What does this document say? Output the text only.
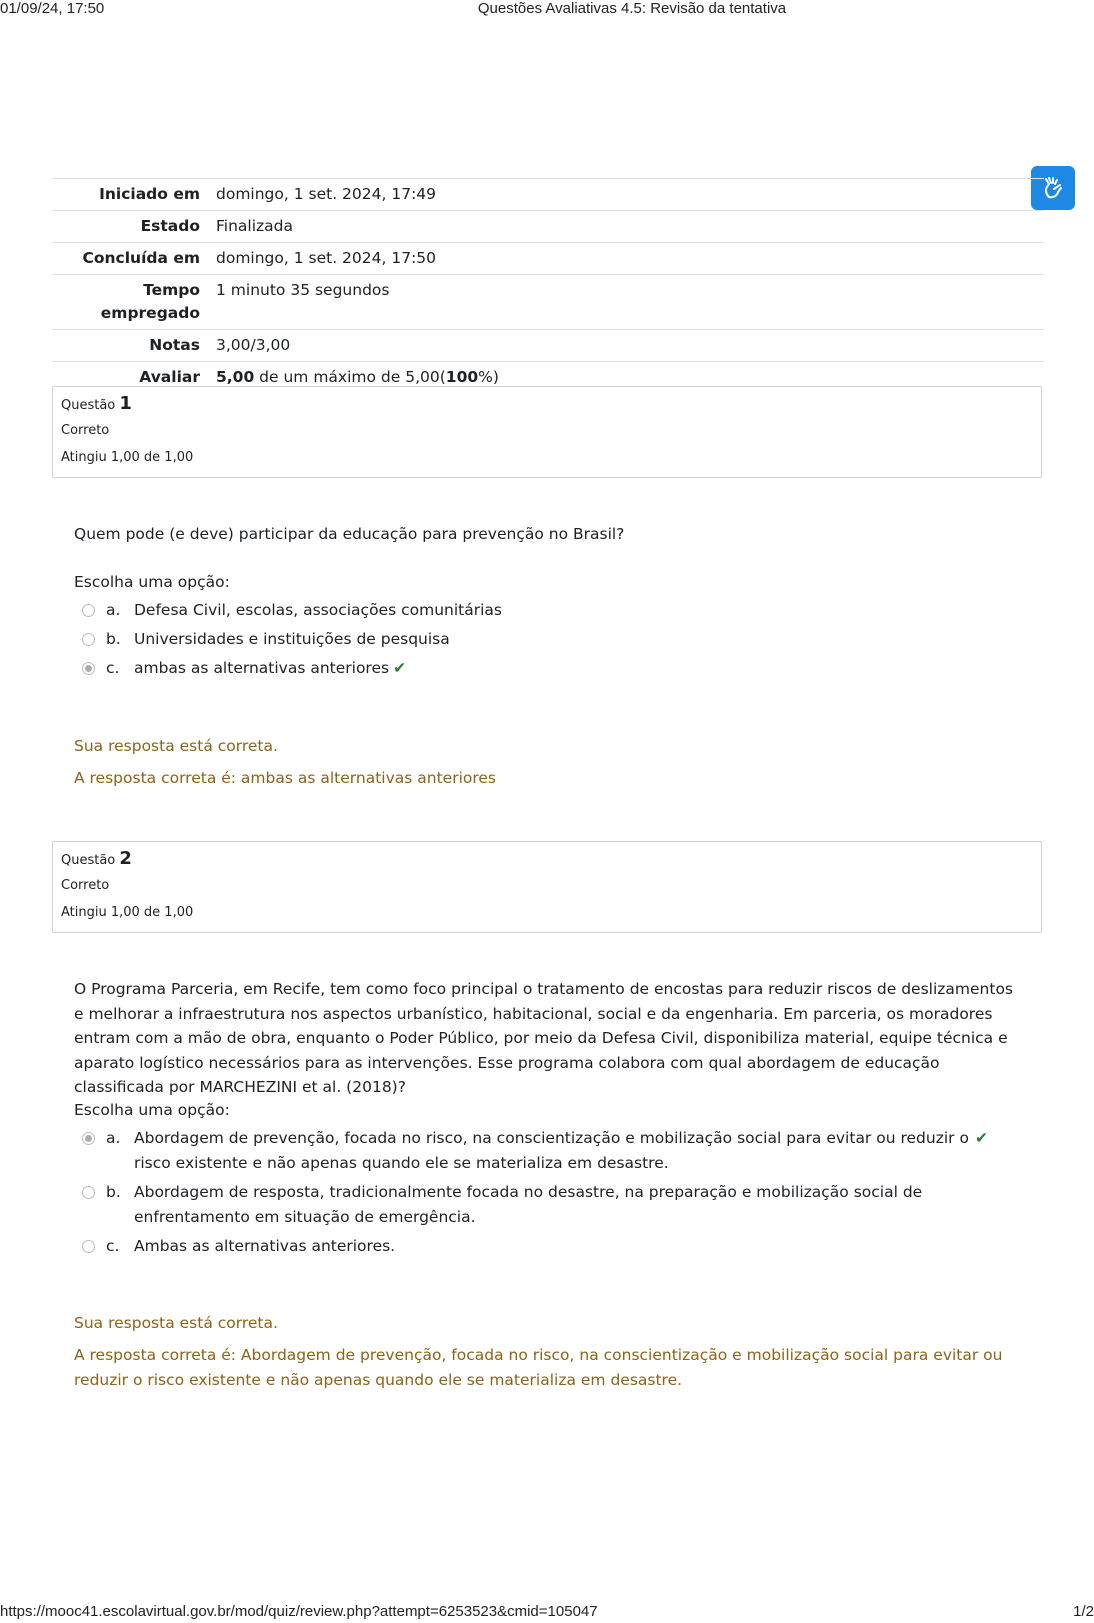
01/09/24, 17:50	Questões Avaliativas 4.5: Revisão da tentativa
Iniciado em	domingo, 1 set. 2024, 17:49
Estado	Finalizada
Concluída em	domingo, 1 set. 2024, 17:50
Tempo empregado	1 minuto 35 segundos
Notas	3,00/3,00
Avaliar	5,00 de um máximo de 5,00(100%)
Questão 1
Correto
Atingiu 1,00 de 1,00
Quem pode (e deve) participar da educação para prevenção no Brasil?
Escolha uma opção:
a. Defesa Civil, escolas, associações comunitárias
b. Universidades e instituições de pesquisa
c. ambas as alternativas anteriores ✔
Sua resposta está correta.
A resposta correta é: ambas as alternativas anteriores
Questão 2
Correto
Atingiu 1,00 de 1,00
O Programa Parceria, em Recife, tem como foco principal o tratamento de encostas para reduzir riscos de deslizamentos e melhorar a infraestrutura nos aspectos urbanístico, habitacional, social e da engenharia. Em parceria, os moradores entram com a mão de obra, enquanto o Poder Público, por meio da Defesa Civil, disponibiliza material, equipe técnica e aparato logístico necessários para as intervenções. Esse programa colabora com qual abordagem de educação classificada por MARCHEZINI et al. (2018)?
Escolha uma opção:
a. Abordagem de prevenção, focada no risco, na conscientização e mobilização social para evitar ou reduzir o risco existente e não apenas quando ele se materializa em desastre.
✔
b. Abordagem de resposta, tradicionalmente focada no desastre, na preparação e mobilização social de enfrentamento em situação de emergência.
c. Ambas as alternativas anteriores.
Sua resposta está correta.
A resposta correta é: Abordagem de prevenção, focada no risco, na conscientização e mobilização social para evitar ou reduzir o risco existente e não apenas quando ele se materializa em desastre.
https://mooc41.escolavirtual.gov.br/mod/quiz/review.php?attempt=6253523&cmid=105047	1/2
